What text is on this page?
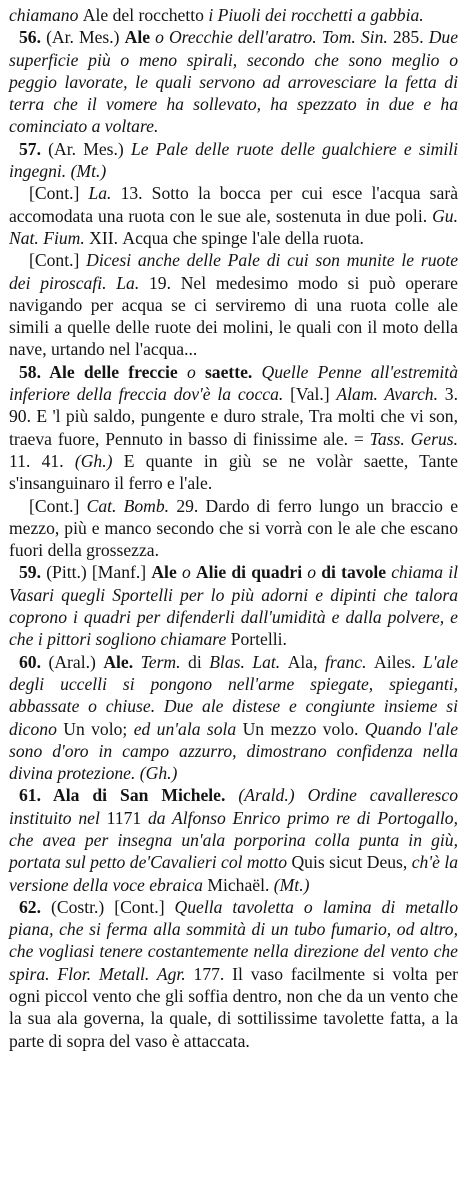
chiamano Ale del rocchetto i Piuoli dei rocchetti a gabbia.

56. (Ar. Mes.) Ale o Orecchie dell'aratro. Tom. Sin. 285. Due superficie più o meno spirali, secondo che sono meglio o peggio lavorate, le quali servono ad arrovesciare la fetta di terra che il vomere ha sollevato, ha spezzato in due e ha cominciato a voltare.

57. (Ar. Mes.) Le Pale delle ruote delle gualchiere e simili ingegni. (Mt.)

[Cont.] La. 13. Sotto la bocca per cui esce l'acqua sarà accomodata una ruota con le sue ale, sostenuta in due poli. Gu. Nat. Fium. XII. Acqua che spinge l'ale della ruota.

[Cont.] Dicesi anche delle Pale di cui son munite le ruote dei piroscafi. La. 19. Nel medesimo modo si può operare navigando per acqua se ci serviremo di una ruota colle ale simili a quelle delle ruote dei molini, le quali con il moto della nave, urtando nel l'acqua...

58. Ale delle freccie o saette. Quelle Penne all'estremità inferiore della freccia dov'è la cocca. [Val.] Alam. Avarch. 3. 90. E 'l più saldo, pungente e duro strale, Tra molti che vi son, traeva fuore, Pennuto in basso di finissime ale. = Tass. Gerus. 11. 41. (Gh.) E quante in giù se ne volàr saette, Tante s'insanguinaro il ferro e l'ale.

[Cont.] Cat. Bomb. 29. Dardo di ferro lungo un braccio e mezzo, più e manco secondo che si vorrà con le ale che escano fuori della grossezza.

59. (Pitt.) [Manf.] Ale o Alie di quadri o di tavole chiama il Vasari quegli Sportelli per lo più adorni e dipinti che talora coprono i quadri per difenderli dall'umidità e dalla polvere, e che i pittori sogliono chiamare Portelli.

60. (Aral.) Ale. Term. di Blas. Lat. Ala, franc. Ailes. L'ale degli uccelli si pongono nell'arme spiegate, spieganti, abbassate o chiuse. Due ale distese e congiunte insieme si dicono Un volo; ed un'ala sola Un mezzo volo. Quando l'ale sono d'oro in campo azzurro, dimostrano confidenza nella divina protezione. (Gh.)

61. Ala di San Michele. (Arald.) Ordine cavalleresco instituito nel 1171 da Alfonso Enrico primo re di Portogallo, che avea per insegna un'ala porporina colla punta in giù, portata sul petto de'Cavalieri col motto Quis sicut Deus, ch'è la versione della voce ebraica Michaël. (Mt.)

62. (Costr.) [Cont.] Quella tavoletta o lamina di metallo piana, che si ferma alla sommità di un tubo fumario, od altro, che vogliasi tenere costantemente nella direzione del vento che spira. Flor. Metall. Agr. 177. Il vaso facilmente si volta per ogni piccol vento che gli soffia dentro, non che da un vento che la sua ala governa, la quale, di sottilissime tavolette fatta, a la parte di sopra del vaso è attaccata.
